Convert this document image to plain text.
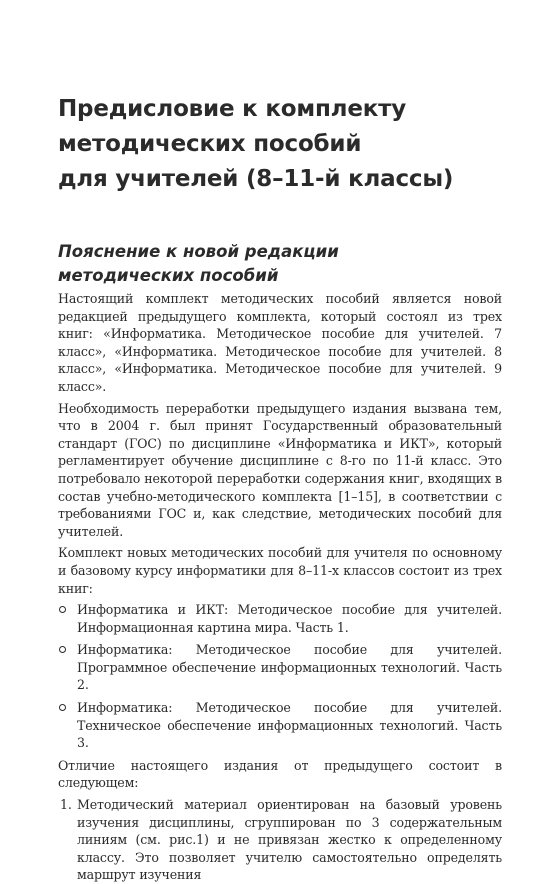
Предисловие к комплекту
методических пособий
для учителей (8–11-й классы)
Пояснение к новой редакции
методических пособий

Настоящий комплект методических пособий является новой редакцией предыдущего комплекта, который состоял из трех книг: «Информатика. Методическое пособие для учителей. 7 класс», «Информатика. Методическое пособие для учителей. 8 класс», «Информатика. Методическое пособие для учителей. 9 класс».

Необходимость переработки предыдущего издания вызвана тем, что в 2004 г. был принят Государственный образовательный стандарт (ГОС) по дисциплине «Информатика и ИКТ», который регламентирует обучение дисциплине с 8-го по 11-й класс. Это потребовало некоторой переработки содержания книг, входящих в состав учебно-методического комплекта [1–15], в соответствии с требованиями ГОС и, как следствие, методических пособий для учителей.

Комплект новых методических пособий для учителя по основному и базовому курсу информатики для 8–11-х классов состоит из трех книг:

Информатика и ИКТ: Методическое пособие для учителей. Информационная картина мира. Часть 1.
Информатика: Методическое пособие для учителей. Программное обеспечение информационных технологий. Часть 2.
Информатика: Методическое пособие для учителей. Техническое обеспечение информационных технологий. Часть 3.

Отличие настоящего издания от предыдущего состоит в следующем:

1. Методический материал ориентирован на базовый уровень изучения дисциплины, сгруппирован по 3 содержательным линиям (см. рис.1) и не привязан жестко к определенному классу. Это позволяет учителю самостоятельно определять маршрут изучения
